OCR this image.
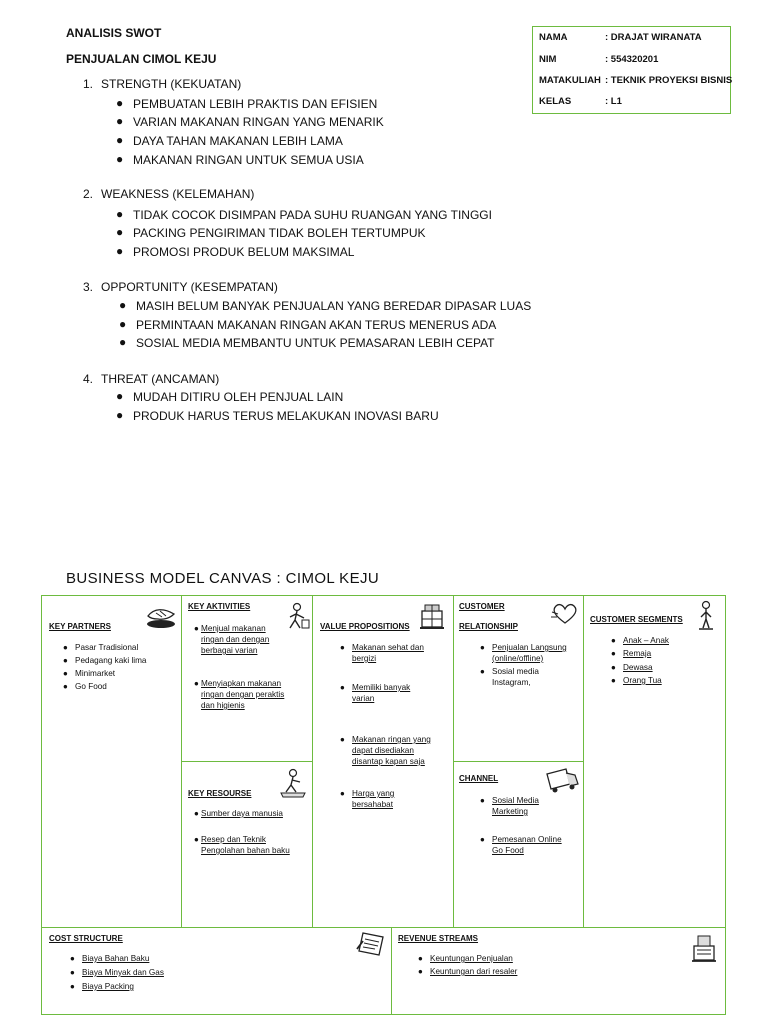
ANALISIS SWOT
PENJUALAN CIMOL KEJU
NAMA	: DRAJAT WIRANATA
NIM	: 554320201
MATAKULIAH : TEKNIK PROYEKSI BISNIS
KELAS	: L1
1. STRENGTH (KEKUATAN)
● PEMBUATAN LEBIH PRAKTIS DAN EFISIEN
● VARIAN MAKANAN RINGAN YANG MENARIK
● DAYA TAHAN MAKANAN LEBIH LAMA
● MAKANAN RINGAN UNTUK SEMUA USIA
2. WEAKNESS (KELEMAHAN)
● TIDAK COCOK DISIMPAN PADA SUHU RUANGAN YANG TINGGI
● PACKING PENGIRIMAN TIDAK BOLEH TERTUMPUK
● PROMOSI PRODUK BELUM MAKSIMAL
3. OPPORTUNITY (KESEMPATAN)
● MASIH BELUM BANYAK PENJUALAN YANG BEREDAR DIPASAR LUAS
● PERMINTAAN MAKANAN RINGAN AKAN TERUS MENERUS ADA
● SOSIAL MEDIA MEMBANTU UNTUK PEMASARAN LEBIH CEPAT
4. THREAT (ANCAMAN)
● MUDAH DITIRU OLEH PENJUAL LAIN
● PRODUK HARUS TERUS MELAKUKAN INOVASI BARU
BUSINESS MODEL CANVAS : CIMOL KEJU
KEY PARTNERS
● Pasar Tradisional
● Pedagang kaki lima
● Minimarket
● Go Food
KEY AKTIVITIES
● Menjual makanan
ringan dan dengan
berbagai varian
● Menyiapkan makanan
ringan dengan peraktis
dan higienis
KEY RESOURSE
● Sumber daya manusia
● Resep dan Teknik
Pengolahan bahan baku
VALUE PROPOSITIONS
● Makanan sehat dan
bergizi
● Memiliki banyak
varian
● Makanan ringan yang
dapat disediakan
disantap kapan saja
● Harga yang
bersahabat
CUSTOMER
RELATIONSHIP
● Penjualan Langsung
(online/offline)
● Sosial media
Instagram,
CHANNEL
● Sosial Media
Marketing
● Pemesanan Online
Go Food
CUSTOMER SEGMENTS
● Anak – Anak
● Remaja
● Dewasa
● Orang Tua
COST STRUCTURE
● Biaya Bahan Baku
● Biaya Minyak dan Gas
● Biaya Packing
REVENUE STREAMS
● Keuntungan Penjualan
● Keuntungan dari resaler
